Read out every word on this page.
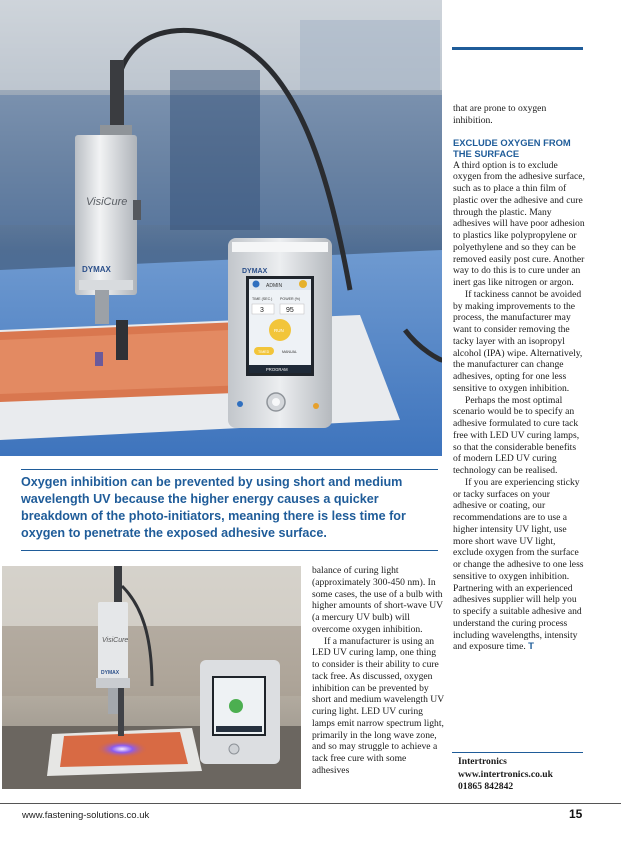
VisiCure
DYMAX	DYMAX
ADMIN
TIME (SEC.) POWER (%)
3	95
RUN
TIMED	MANUAL
PROGRAM

that are prone to oxygen inhibition.

EXCLUDE OXYGEN FROM THE SURFACE

A third option is to exclude oxygen from the adhesive surface, such as to place a thin film of plastic over the adhesive and cure through the plastic. Many adhesives will have poor adhesion to plastics like polypropylene or polyethylene and so they can be removed easily post cure. Another way to do this is to cure under an inert gas like nitrogen or argon.

If tackiness cannot be avoided by making improvements to the process, the manufacturer may want to consider removing the tacky layer with an isopropyl alcohol (IPA) wipe. Alternatively, the manufacturer can change adhesives, opting for one less sensitive to oxygen inhibition.

Perhaps the most optimal scenario would be to specify an adhesive formulated to cure tack free with LED UV curing lamps, so that the considerable benefits of modern LED UV curing technology can be realised.

If you are experiencing sticky or tacky surfaces on your adhesive or coating, our recommendations are to use a higher intensity UV light, use more short wave UV light, exclude oxygen from the surface or change the adhesive to one less sensitive to oxygen inhibition. Partnering with an experienced adhesives supplier will help you to specify a suitable adhesive and understand the curing process including wavelengths, intensity and exposure time. T

Intertronics
www.intertronics.co.uk
01865 842842

Oxygen inhibition can be prevented by using short and medium wavelength UV because the higher energy causes a quicker breakdown of the photo-initiators, meaning there is less time for oxygen to penetrate the exposed adhesive surface.

VisiCure
DYMAX

balance of curing light (approximately 300-450 nm). In some cases, the use of a bulb with higher amounts of short-wave UV (a mercury UV bulb) will overcome oxygen inhibition.

If a manufacturer is using an LED UV curing lamp, one thing to consider is their ability to cure tack free. As discussed, oxygen inhibition can be prevented by short and medium wavelength UV curing light. LED UV curing lamps emit narrow spectrum light, primarily in the long wave zone, and so may struggle to achieve a tack free cure with some adhesives

www.fastening-solutions.co.uk	15
